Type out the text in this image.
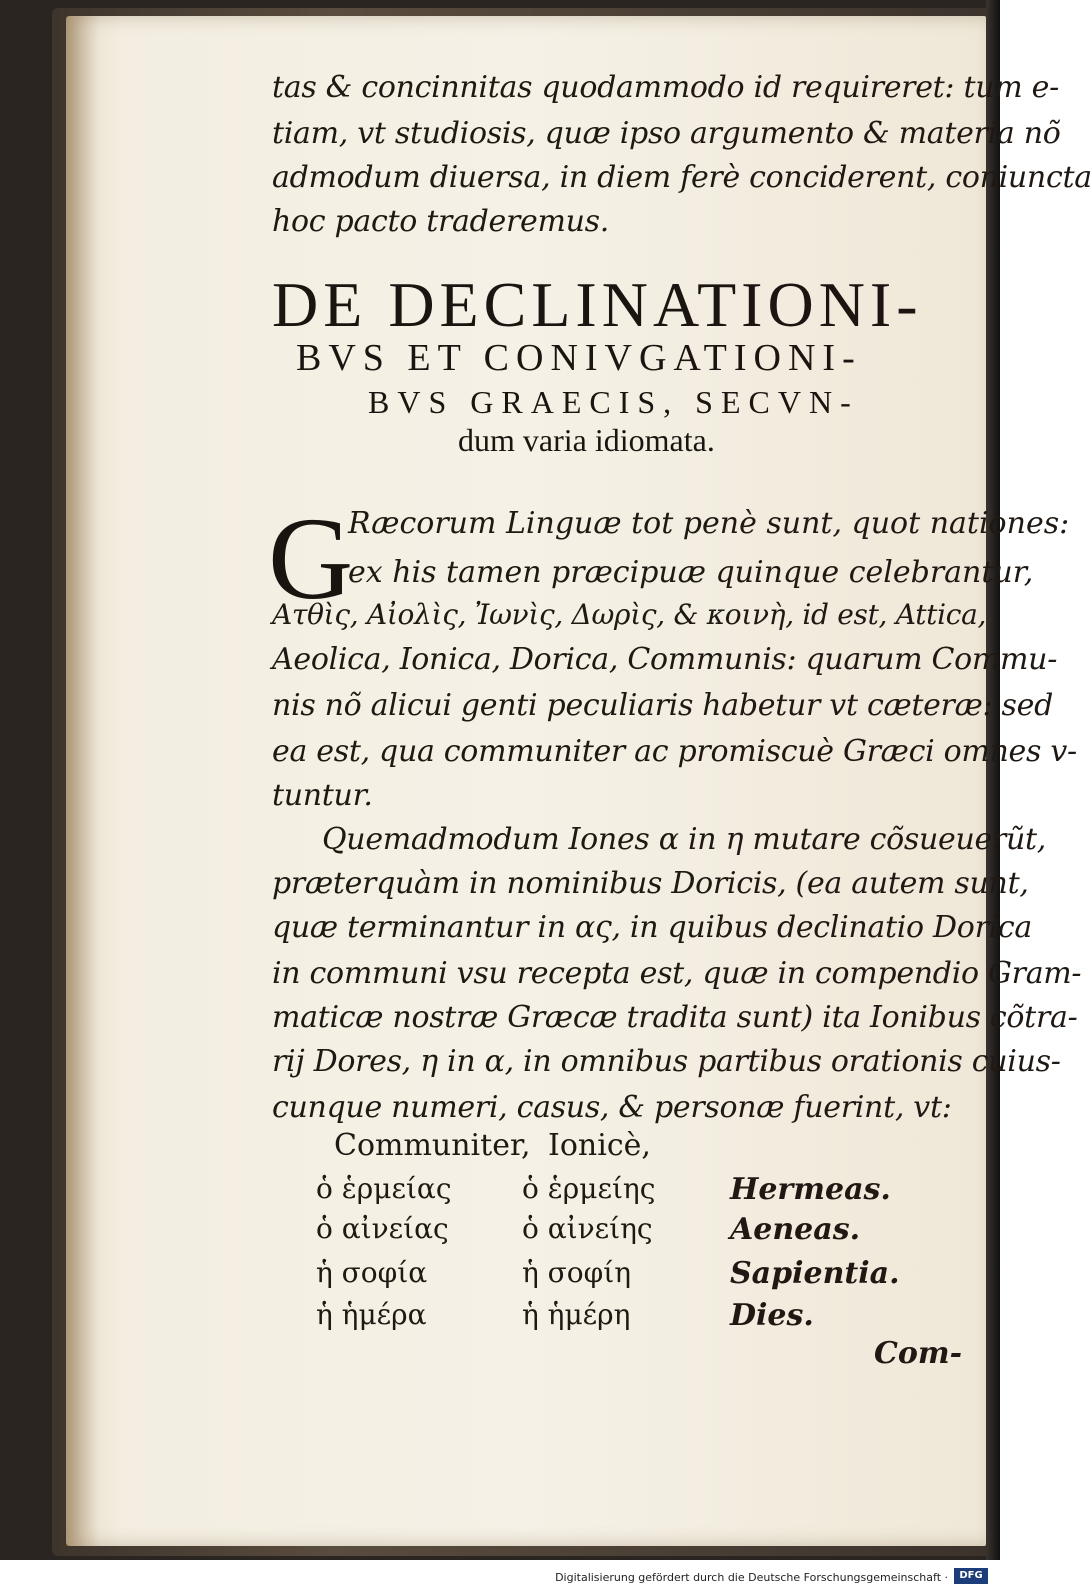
tas & concinnitas quodammodo id requireret: tum e-
tiam, vt studiosis, quæ ipso argumento & materia nõ
admodum diuersa, in diem ferè conciderent, coniuncta
hoc pacto traderemus.
DE DECLINATIONI-
BVS ET CONIVGATIONI-
BVS GRAECIS, SECVN-
dum varia idiomata.
G
Ræcorum Linguæ tot penè sunt, quot nationes:
ex his tamen præcipuæ quinque celebrantur,
Ατθὶς, Αἰολὶς, Ἰωνὶς, Δωρὶς, & κοινὴ, id est, Attica,
Aeolica, Ionica, Dorica, Communis: quarum Commu-
nis nõ alicui genti peculiaris habetur vt cæteræ: sed
ea est, qua communiter ac promiscuè Græci omnes v-
tuntur.
Quemadmodum Iones α in η mutare cõsueuerũt,
præterquàm in nominibus Doricis, (ea autem sunt,
quæ terminantur in ας, in quibus declinatio Dorica
in communi vsu recepta est, quæ in compendio Gram-
maticæ nostræ Græcæ tradita sunt) ita Ionibus cõtra-
rij Dores, η in α, in omnibus partibus orationis cuius-
cunque numeri, casus, & personæ fuerint, vt:
Communiter, Ionicè,
ὁ ἑρμείας	ὁ ἑρμείης Hermeas.
ὁ αἰνείας	ὁ αἰνείης	Aeneas.
ἡ σοφία	ἡ σοφίη	Sapientia.
ἡ ἡμέρα	ἡ ἡμέρη	Dies.
Com-
Digitalisierung gefördert durch die Deutsche Forschungsgemeinschaft ·	DFG
